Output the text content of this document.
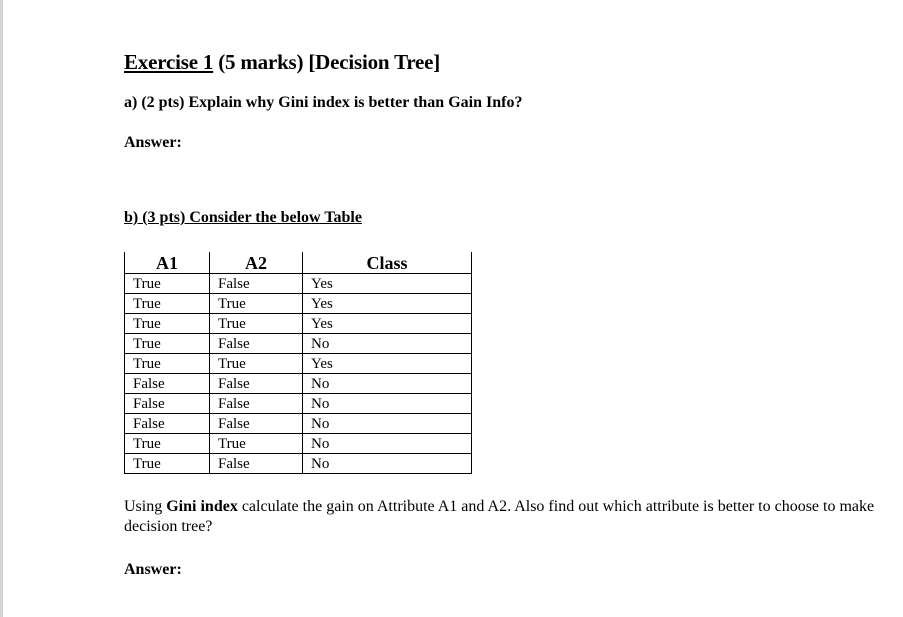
Exercise 1 (5 marks) [Decision Tree]
a) (2 pts) Explain why Gini index is better than Gain Info?
Answer:
b) (3 pts) Consider the below Table
A1	A2	Class
True	False	Yes
True	True	Yes
True	True	Yes
True	False	No
True	True	Yes
False	False	No
False	False	No
False	False	No
True	True	No
True	False	No
Using Gini index calculate the gain on Attribute A1 and A2. Also find out which attribute is better to choose to make decision tree?
Answer:
